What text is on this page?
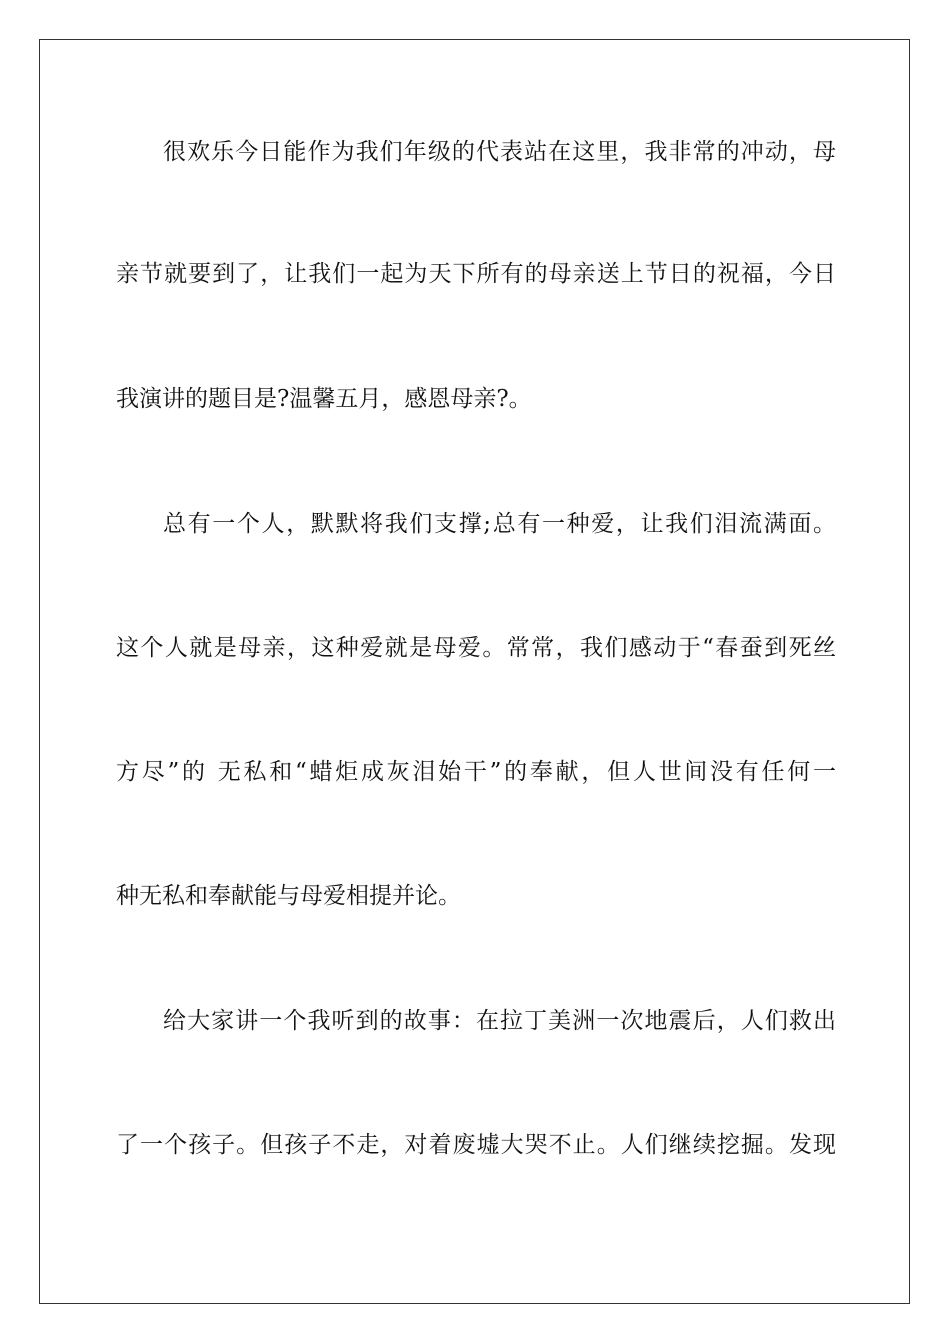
很欢乐今日能作为我们年级的代表站在这里，我非常的冲动，母
亲节就要到了，让我们一起为天下所有的母亲送上节日的祝福，今日
我演讲的题目是?温馨五月，感恩母亲?。
总有一个人，默默将我们支撑;总有一种爱，让我们泪流满面。
这个人就是母亲，这种爱就是母爱。常常，我们感动于“春蚕到死丝
方尽”的 无私和“蜡炬成灰泪始干”的奉献，但人世间没有任何一
种无私和奉献能与母爱相提并论。
给大家讲一个我听到的故事：在拉丁美洲一次地震后，人们救出
了一个孩子。但孩子不走，对着废墟大哭不止。人们继续挖掘。发现
